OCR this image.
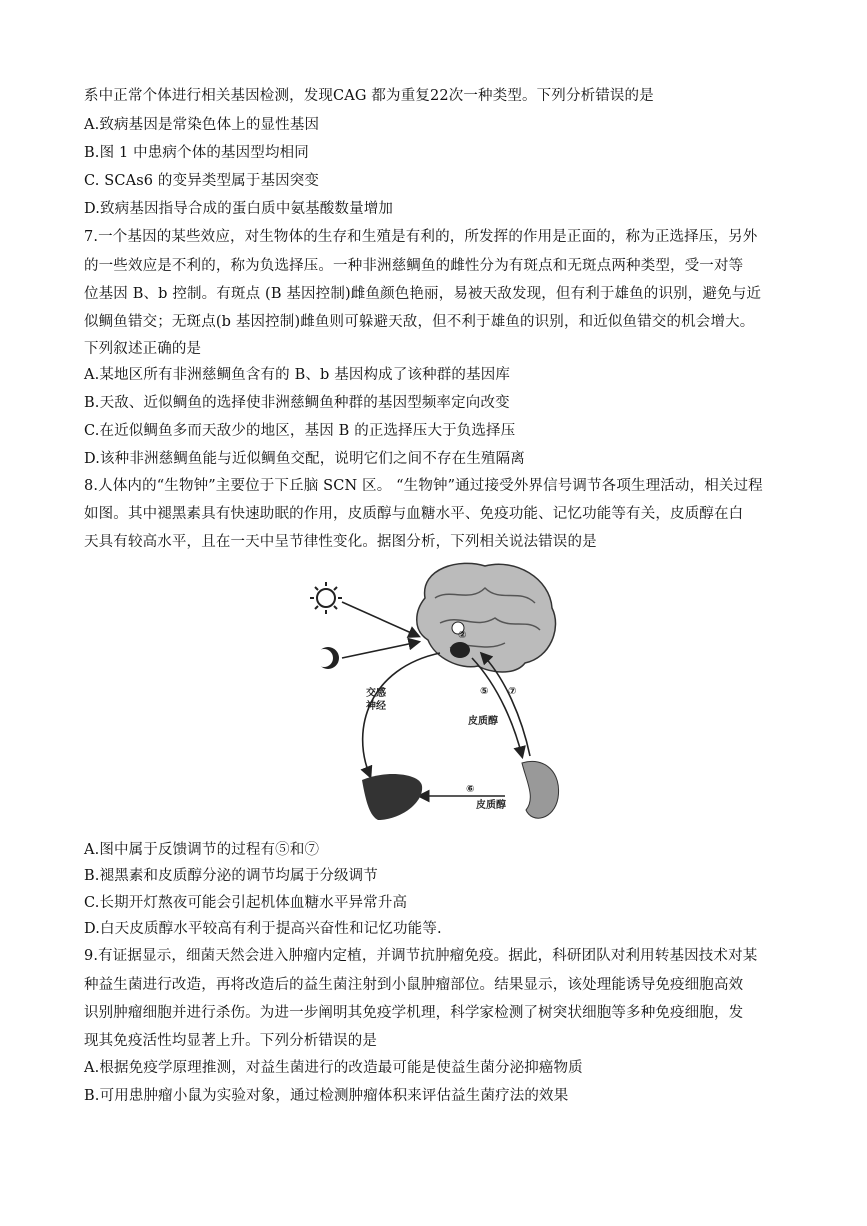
系中正常个体进行相关基因检测，发现CAG 都为重复22次一种类型。下列分析错误的是
A.致病基因是常染色体上的显性基因
B.图 1 中患病个体的基因型均相同
C. SCAs6 的变异类型属于基因突变
D.致病基因指导合成的蛋白质中氨基酸数量增加
7.一个基因的某些效应，对生物体的生存和生殖是有利的，所发挥的作用是正面的，称为正选择压，另外
的一些效应是不利的，称为负选择压。一种非洲慈鲷鱼的雌性分为有斑点和无斑点两种类型，受一对等
位基因 B、b 控制。有斑点 (B 基因控制)雌鱼颜色艳丽，易被天敌发现，但有利于雄鱼的识别，避免与近
似鲷鱼错交；无斑点(b 基因控制)雌鱼则可躲避天敌，但不利于雄鱼的识别，和近似鱼错交的机会增大。
下列叙述正确的是
A.某地区所有非洲慈鲷鱼含有的 B、b 基因构成了该种群的基因库
B.天敌、近似鲷鱼的选择使非洲慈鲷鱼种群的基因型频率定向改变
C.在近似鲷鱼多而天敌少的地区，基因 B 的正选择压大于负选择压
D.该种非洲慈鲷鱼能与近似鲷鱼交配，说明它们之间不存在生殖隔离
8.人体内的“生物钟”主要位于下丘脑 SCN 区。 “生物钟”通过接受外界信号调节各项生理活动，相关过程
如图。其中褪黑素具有快速助眠的作用，皮质醇与血糖水平、免疫功能、记忆功能等有关，皮质醇在白
天具有较高水平，且在一天中呈节律性变化。据图分析，下列相关说法错误的是
交感
神经
皮质醇
皮质醇
②
⑤ ⑦
⑥
A.图中属于反馈调节的过程有⑤和⑦
B.褪黑素和皮质醇分泌的调节均属于分级调节
C.长期开灯熬夜可能会引起机体血糖水平异常升高
D.白天皮质醇水平较高有利于提高兴奋性和记忆功能等.
9.有证据显示，细菌天然会进入肿瘤内定植，并调节抗肿瘤免疫。据此，科研团队对利用转基因技术对某
种益生菌进行改造，再将改造后的益生菌注射到小鼠肿瘤部位。结果显示，该处理能诱导免疫细胞高效
识别肿瘤细胞并进行杀伤。为进一步阐明其免疫学机理，科学家检测了树突状细胞等多种免疫细胞，发
现其免疫活性均显著上升。下列分析错误的是
A.根据免疫学原理推测，对益生菌进行的改造最可能是使益生菌分泌抑癌物质
B.可用患肿瘤小鼠为实验对象，通过检测肿瘤体积来评估益生菌疗法的效果
